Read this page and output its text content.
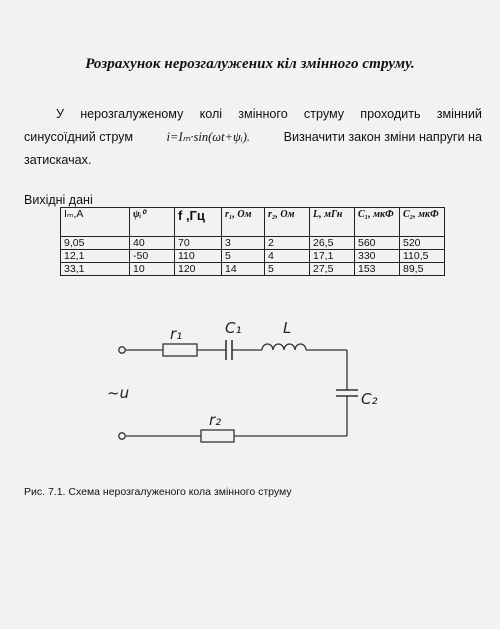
Розрахунок нерозгалужених кіл змінного струму.
У нерозгалуженому колі змінного струму проходить змінний
синусоїдний струм	i=Iₘ·sin(ωt+ψᵢ).	Визначити закон зміни напруги на
затискачах.
Вихідні дані
Iₘ,А	ψᵢ⁰	f ,Гц	r₁, Ом	r₂, Ом	L, мГн	C₁, мкФ	C₂, мкФ
9,05	40	70	3	2	26,5	560	520
12,1	-50	110	5	4	17,1	330	110,5
33,1	10	120	14	5	27,5	153	89,5
r₁	C₁	L
C₂
r₂
~u
Рис. 7.1. Схема нерозгалуженого кола змінного струму
